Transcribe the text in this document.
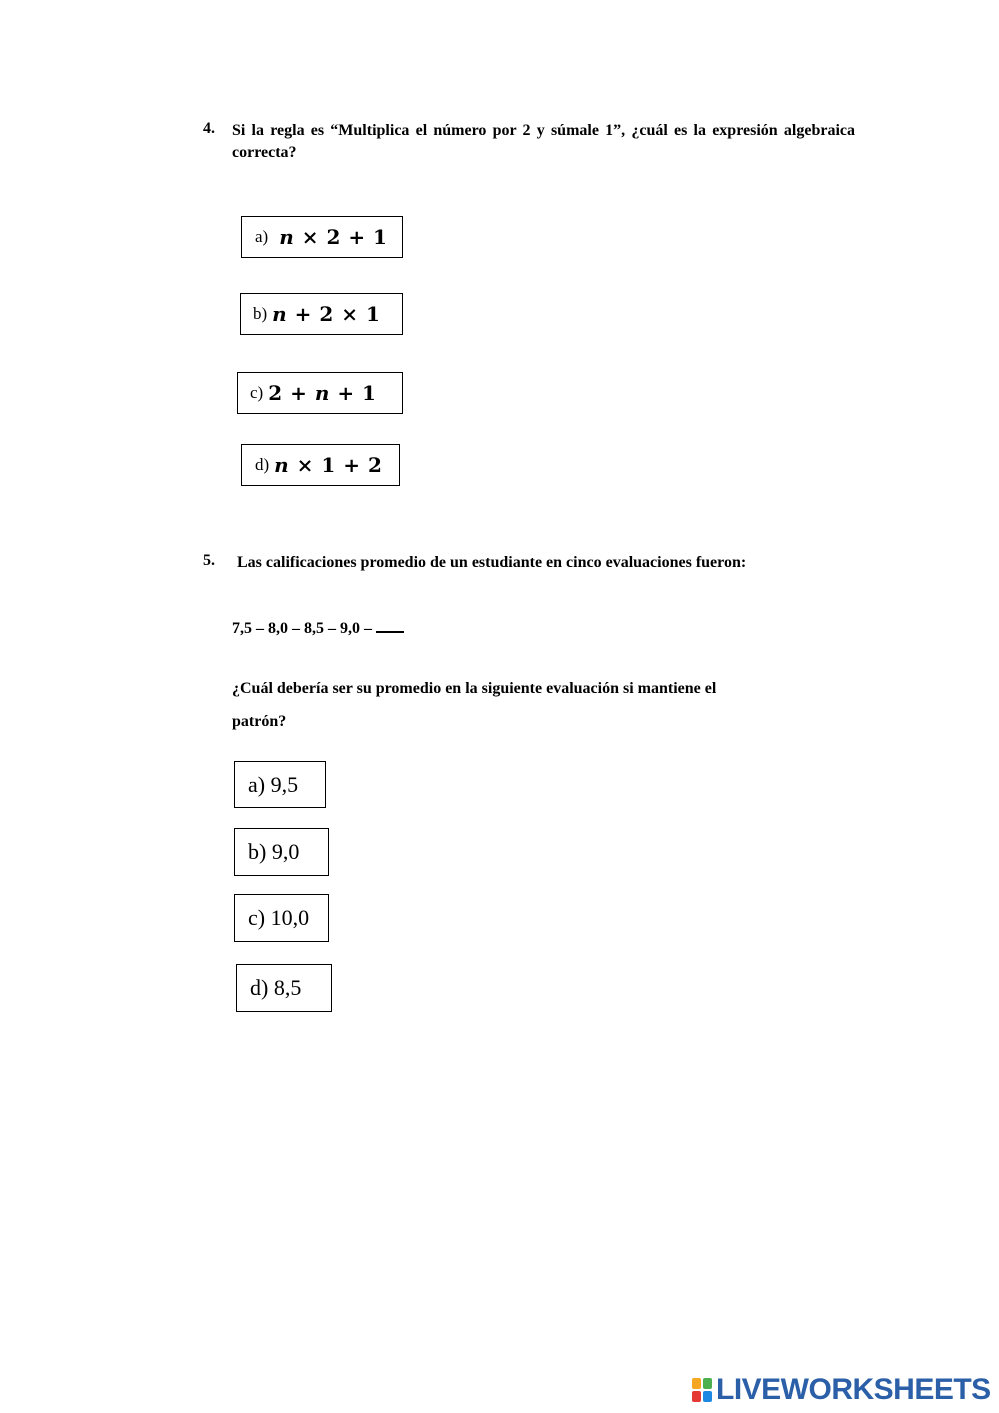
4. Si la regla es “Multiplica el número por 2 y súmale 1”, ¿cuál es la expresión algebraica correcta?
a) n × 2 + 1
b) n + 2 × 1
c) 2 + n + 1
d) n × 1 + 2
5. Las calificaciones promedio de un estudiante en cinco evaluaciones fueron:
7,5 – 8,0 – 8,5 – 9,0 –
¿Cuál debería ser su promedio en la siguiente evaluación si mantiene el
patrón?
a) 9,5
b) 9,0
c) 10,0
d) 8,5
LIVEWORKSHEETS
